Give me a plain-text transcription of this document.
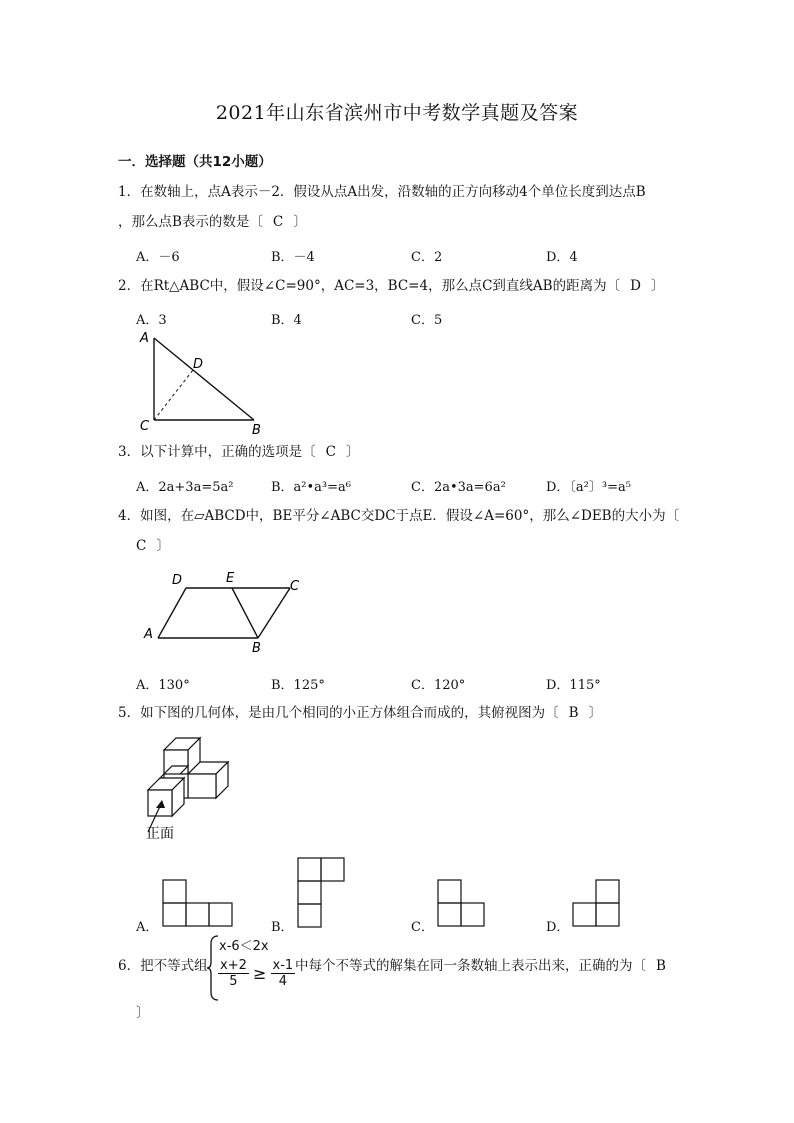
2021年山东省滨州市中考数学真题及答案
一．选择题（共12小题）
1．在数轴上，点A表示－2．假设从点A出发，沿数轴的正方向移动4个单位长度到达点B
，那么点B表示的数是〔 C 〕
A．－6	B．－4	C．2	D．4
2．在Rt△ABC中，假设∠C=90°，AC=3，BC=4，那么点C到直线AB的距离为〔 D 〕
A．3	B．4	C．5
A
D
C	B
3．以下计算中，正确的选项是〔 C 〕
A．2a+3a=5a²	B．a²•a³=a⁶	C．2a•3a=6a²	D．〔a²〕³=a⁵
4．如图，在▱ABCD中，BE平分∠ABC交DC于点E．假设∠A=60°，那么∠DEB的大小为〔
C 〕
D	E
C
A
B
A．130°	B．125°	C．120°	D．115°
5．如下图的几何体，是由几个相同的小正方体组合而成的，其俯视图为〔 B 〕
正面
A．	B．	C．	D．
6．把不等式组
x-6＜2x
$\frac{x+2}{5} \ge \frac{x-1}{4}$ 中每个不等式的解集在同一条数轴上表示出来，正确的为〔 B
〕
